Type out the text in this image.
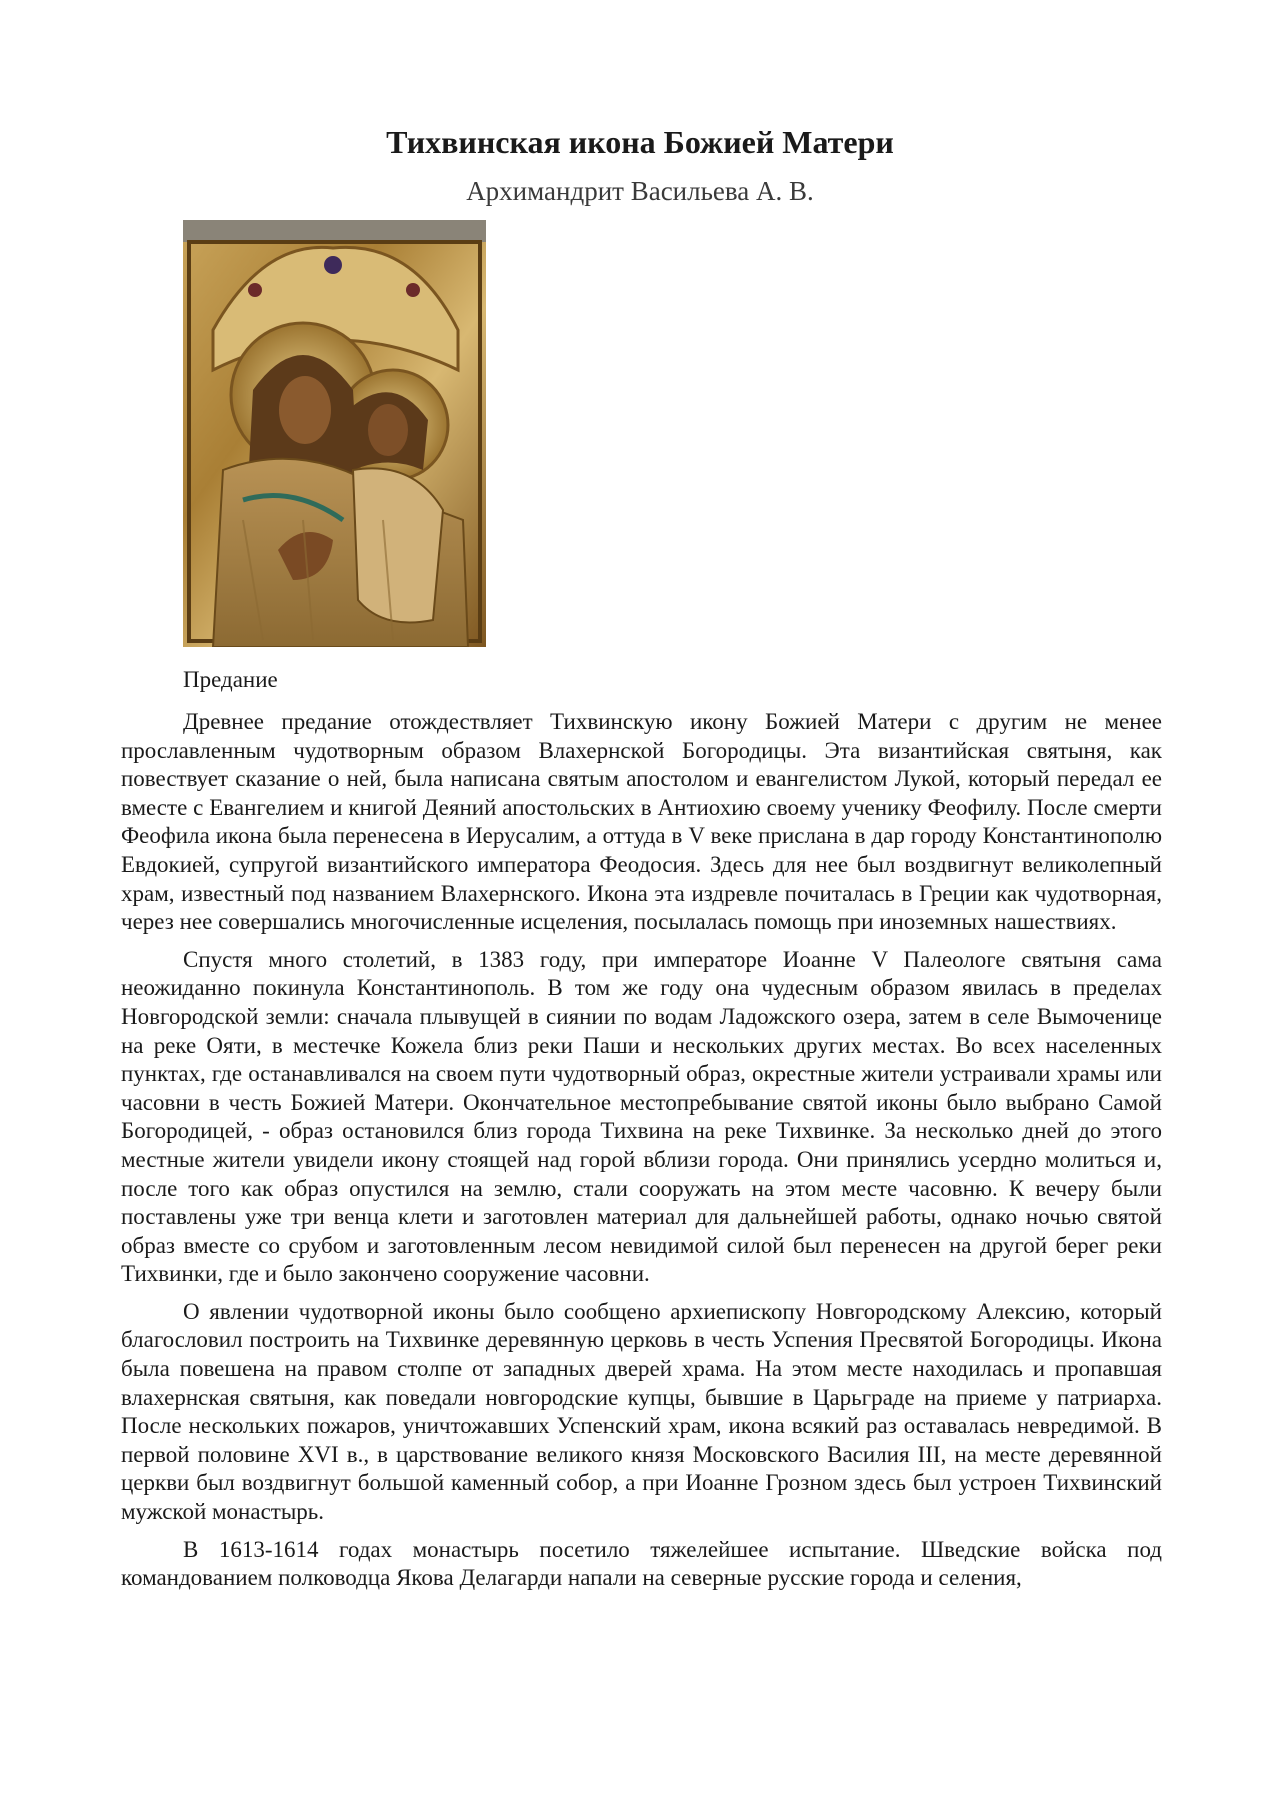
Тихвинская икона Божией Матери
Архимандрит Васильева А. В.
Предание

Древнее предание отождествляет Тихвинскую икону Божией Матери с другим не менее прославленным чудотворным образом Влахернской Богородицы. Эта византийская святыня, как повествует сказание о ней, была написана святым апостолом и евангелистом Лукой, который передал ее вместе с Евангелием и книгой Деяний апостольских в Антиохию своему ученику Феофилу. После смерти Феофила икона была перенесена в Иерусалим, а оттуда в V веке прислана в дар городу Константинополю Евдокией, супругой византийского императора Феодосия. Здесь для нее был воздвигнут великолепный храм, известный под названием Влахернского. Икона эта издревле почиталась в Греции как чудотворная, через нее совершались многочисленные исцеления, посылалась помощь при иноземных нашествиях.

Спустя много столетий, в 1383 году, при императоре Иоанне V Палеологе святыня сама неожиданно покинула Константинополь. В том же году она чудесным образом явилась в пределах Новгородской земли: сначала плывущей в сиянии по водам Ладожского озера, затем в селе Вымоченице на реке Ояти, в местечке Кожела близ реки Паши и нескольких других местах. Во всех населенных пунктах, где останавливался на своем пути чудотворный образ, окрестные жители устраивали храмы или часовни в честь Божией Матери. Окончательное местопребывание святой иконы было выбрано Самой Богородицей, - образ остановился близ города Тихвина на реке Тихвинке. За несколько дней до этого местные жители увидели икону стоящей над горой вблизи города. Они принялись усердно молиться и, после того как образ опустился на землю, стали сооружать на этом месте часовню. К вечеру были поставлены уже три венца клети и заготовлен материал для дальнейшей работы, однако ночью святой образ вместе со срубом и заготовленным лесом невидимой силой был перенесен на другой берег реки Тихвинки, где и было закончено сооружение часовни.

О явлении чудотворной иконы было сообщено архиепископу Новгородскому Алексию, который благословил построить на Тихвинке деревянную церковь в честь Успения Пресвятой Богородицы. Икона была повешена на правом столпе от западных дверей храма. На этом месте находилась и пропавшая влахернская святыня, как поведали новгородские купцы, бывшие в Царьграде на приеме у патриарха. После нескольких пожаров, уничтожавших Успенский храм, икона всякий раз оставалась невредимой. В первой половине XVI в., в царствование великого князя Московского Василия III, на месте деревянной церкви был воздвигнут большой каменный собор, а при Иоанне Грозном здесь был устроен Тихвинский мужской монастырь.

В 1613-1614 годах монастырь посетило тяжелейшее испытание. Шведские войска под командованием полководца Якова Делагарди напали на северные русские города и селения,
